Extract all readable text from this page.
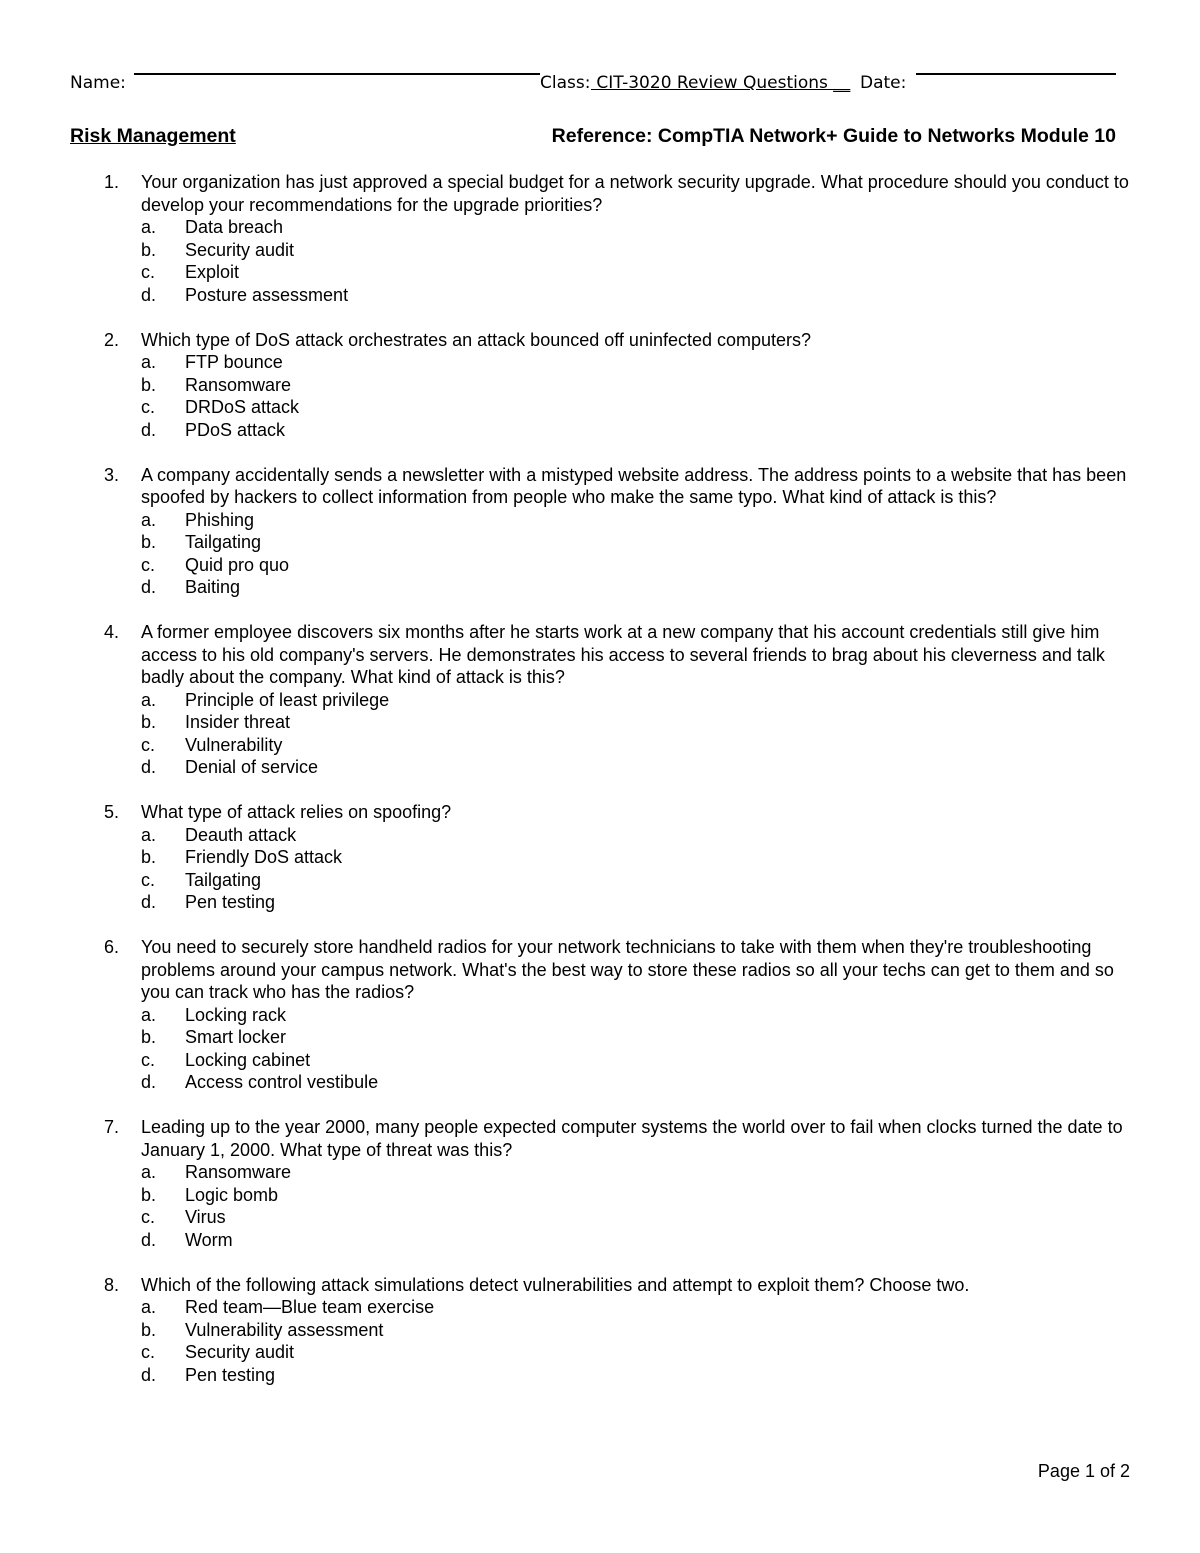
Name:	Class: CIT-3020 Review Questions __ Date:
Risk Management	Reference: CompTIA Network+ Guide to Networks Module 10
1. Your organization has just approved a special budget for a network security upgrade. What procedure should you conduct to develop your recommendations for the upgrade priorities?
a. Data breach
b. Security audit
c. Exploit
d. Posture assessment
2. Which type of DoS attack orchestrates an attack bounced off uninfected computers?
a. FTP bounce
b. Ransomware
c. DRDoS attack
d. PDoS attack
3. A company accidentally sends a newsletter with a mistyped website address. The address points to a website that has been spoofed by hackers to collect information from people who make the same typo. What kind of attack is this?
a. Phishing
b. Tailgating
c. Quid pro quo
d. Baiting
4. A former employee discovers six months after he starts work at a new company that his account credentials still give him access to his old company's servers. He demonstrates his access to several friends to brag about his cleverness and talk badly about the company. What kind of attack is this?
a. Principle of least privilege
b. Insider threat
c. Vulnerability
d. Denial of service
5. What type of attack relies on spoofing?
a. Deauth attack
b. Friendly DoS attack
c. Tailgating
d. Pen testing
6. You need to securely store handheld radios for your network technicians to take with them when they're troubleshooting problems around your campus network. What's the best way to store these radios so all your techs can get to them and so you can track who has the radios?
a. Locking rack
b. Smart locker
c. Locking cabinet
d. Access control vestibule
7. Leading up to the year 2000, many people expected computer systems the world over to fail when clocks turned the date to January 1, 2000. What type of threat was this?
a. Ransomware
b. Logic bomb
c. Virus
d. Worm
8. Which of the following attack simulations detect vulnerabilities and attempt to exploit them? Choose two.
a. Red team—Blue team exercise
b. Vulnerability assessment
c. Security audit
d. Pen testing
Page 1 of 2
